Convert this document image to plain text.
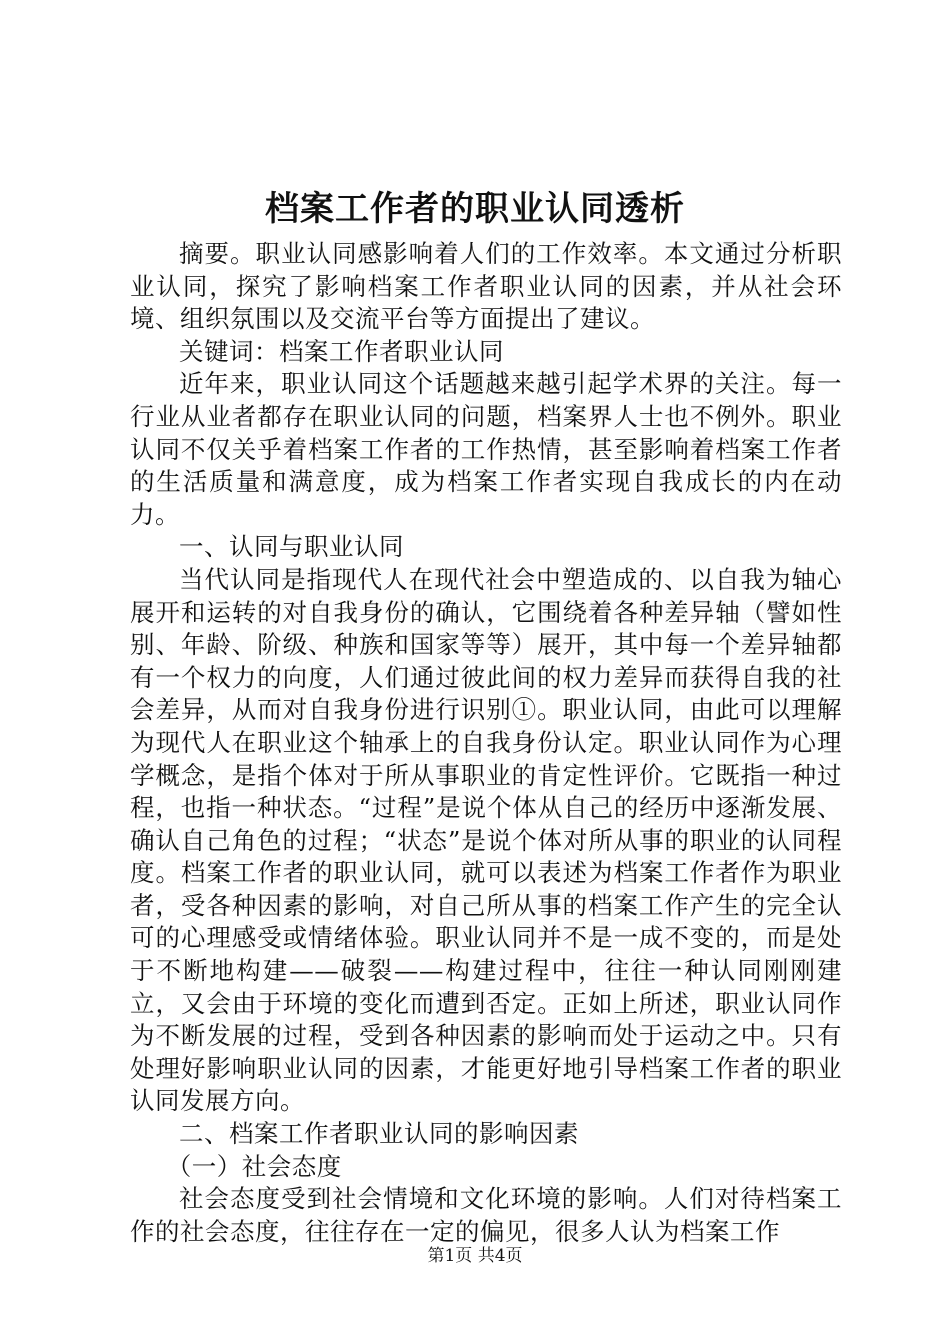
档案工作者的职业认同透析

摘要。职业认同感影响着人们的工作效率。本文通过分析职业认同，探究了影响档案工作者职业认同的因素，并从社会环境、组织氛围以及交流平台等方面提出了建议。

关键词：档案工作者职业认同

近年来，职业认同这个话题越来越引起学术界的关注。每一行业从业者都存在职业认同的问题，档案界人士也不例外。职业认同不仅关乎着档案工作者的工作热情，甚至影响着档案工作者的生活质量和满意度，成为档案工作者实现自我成长的内在动力。

一、认同与职业认同

当代认同是指现代人在现代社会中塑造成的、以自我为轴心展开和运转的对自我身份的确认，它围绕着各种差异轴（譬如性别、年龄、阶级、种族和国家等等）展开，其中每一个差异轴都有一个权力的向度，人们通过彼此间的权力差异而获得自我的社会差异，从而对自我身份进行识别①。职业认同，由此可以理解为现代人在职业这个轴承上的自我身份认定。职业认同作为心理学概念，是指个体对于所从事职业的肯定性评价。它既指一种过程，也指一种状态。“过程”是说个体从自己的经历中逐渐发展、确认自己角色的过程；“状态”是说个体对所从事的职业的认同程度。档案工作者的职业认同，就可以表述为档案工作者作为职业者，受各种因素的影响，对自己所从事的档案工作产生的完全认可的心理感受或情绪体验。职业认同并不是一成不变的，而是处于不断地构建——破裂——构建过程中，往往一种认同刚刚建立，又会由于环境的变化而遭到否定。正如上所述，职业认同作为不断发展的过程，受到各种因素的影响而处于运动之中。只有处理好影响职业认同的因素，才能更好地引导档案工作者的职业认同发展方向。

二、档案工作者职业认同的影响因素

（一）社会态度

社会态度受到社会情境和文化环境的影响。人们对待档案工作的社会态度，往往存在一定的偏见，很多人认为档案工作

第1页 共4页
